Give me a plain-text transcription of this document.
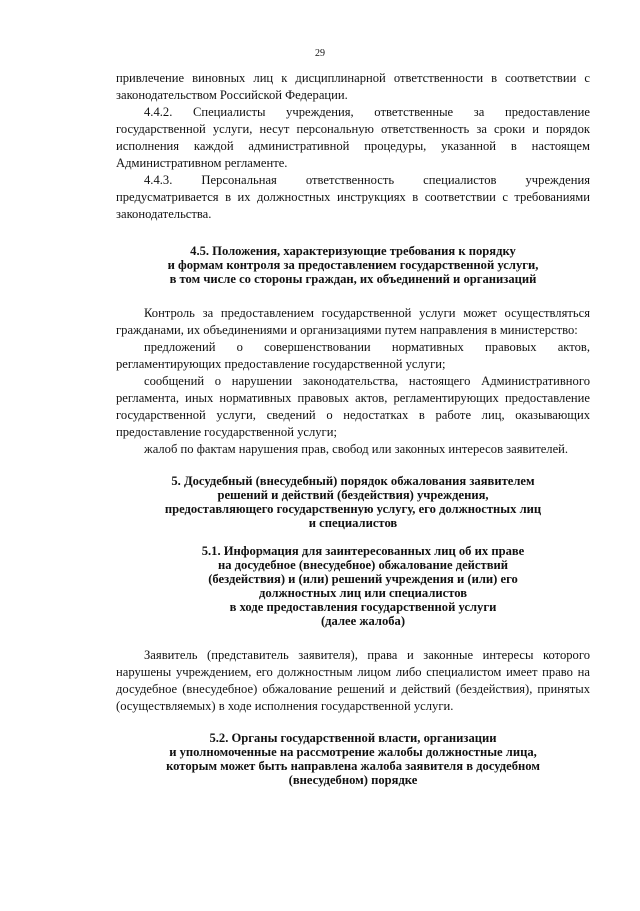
29

привлечение виновных лиц к дисциплинарной ответственности в соответствии с законодательством Российской Федерации.

4.4.2. Специалисты учреждения, ответственные за предоставление государственной услуги, несут персональную ответственность за сроки и порядок исполнения каждой административной процедуры, указанной в настоящем Административном регламенте.

4.4.3. Персональная ответственность специалистов учреждения предусматривается в их должностных инструкциях в соответствии с требованиями законодательства.

4.5. Положения, характеризующие требования к порядку
и формам контроля за предоставлением государственной услуги,
в том числе со стороны граждан, их объединений и организаций

Контроль за предоставлением государственной услуги может осуществляться гражданами, их объединениями и организациями путем направления в министерство:

предложений о совершенствовании нормативных правовых актов, регламентирующих предоставление государственной услуги;

сообщений о нарушении законодательства, настоящего Административного регламента, иных нормативных правовых актов, регламентирующих предоставление государственной услуги, сведений о недостатках в работе лиц, оказывающих предоставление государственной услуги;

жалоб по фактам нарушения прав, свобод или законных интересов заявителей.

5. Досудебный (внесудебный) порядок обжалования заявителем
решений и действий (бездействия) учреждения,
предоставляющего государственную услугу, его должностных лиц
и специалистов
5.1. Информация для заинтересованных лиц об их праве
на досудебное (внесудебное) обжалование действий
(бездействия) и (или) решений учреждения и (или) его
должностных лиц или специалистов
в ходе предоставления государственной услуги
(далее жалоба)

Заявитель (представитель заявителя), права и законные интересы которого нарушены учреждением, его должностным лицом либо специалистом имеет право на досудебное (внесудебное) обжалование решений и действий (бездействия), принятых (осуществляемых) в ходе исполнения государственной услуги.

5.2. Органы государственной власти, организации
и уполномоченные на рассмотрение жалобы должностные лица,
которым может быть направлена жалоба заявителя в досудебном
(внесудебном) порядке
